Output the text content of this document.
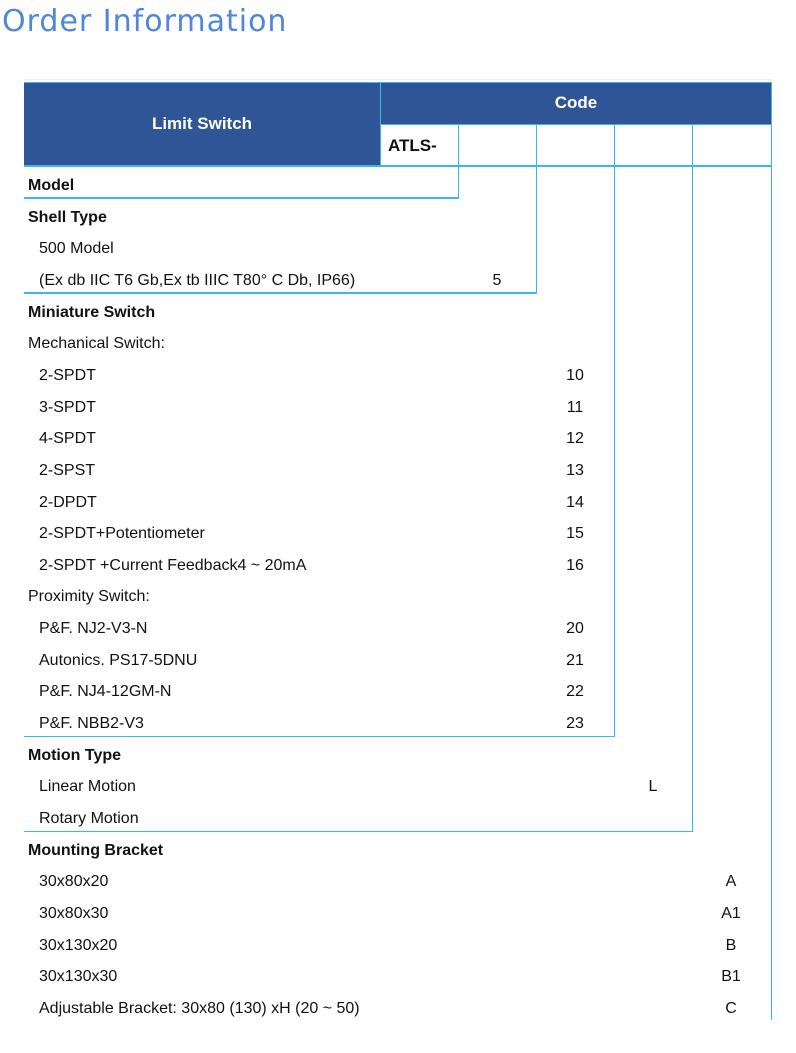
Order Information
Limit Switch
Code
ATLS-
Model
Shell Type
500 Model
(Ex db IIC T6 Gb,Ex tb IIIC T80° C Db, IP66)	5
Miniature Switch
Mechanical Switch:
2-SPDT	10
3-SPDT	11
4-SPDT	12
2-SPST	13
2-DPDT	14
2-SPDT+Potentiometer	15
2-SPDT +Current Feedback4 ~ 20mA	16
Proximity Switch:
P&F. NJ2-V3-N	20
Autonics. PS17-5DNU	21
P&F. NJ4-12GM-N	22
P&F. NBB2-V3	23
Motion Type
Linear Motion	L
Rotary Motion
Mounting Bracket
30x80x20	A
30x80x30	A1
30x130x20	B
30x130x30	B1
Adjustable Bracket: 30x80 (130) xH (20 ~ 50)	C
